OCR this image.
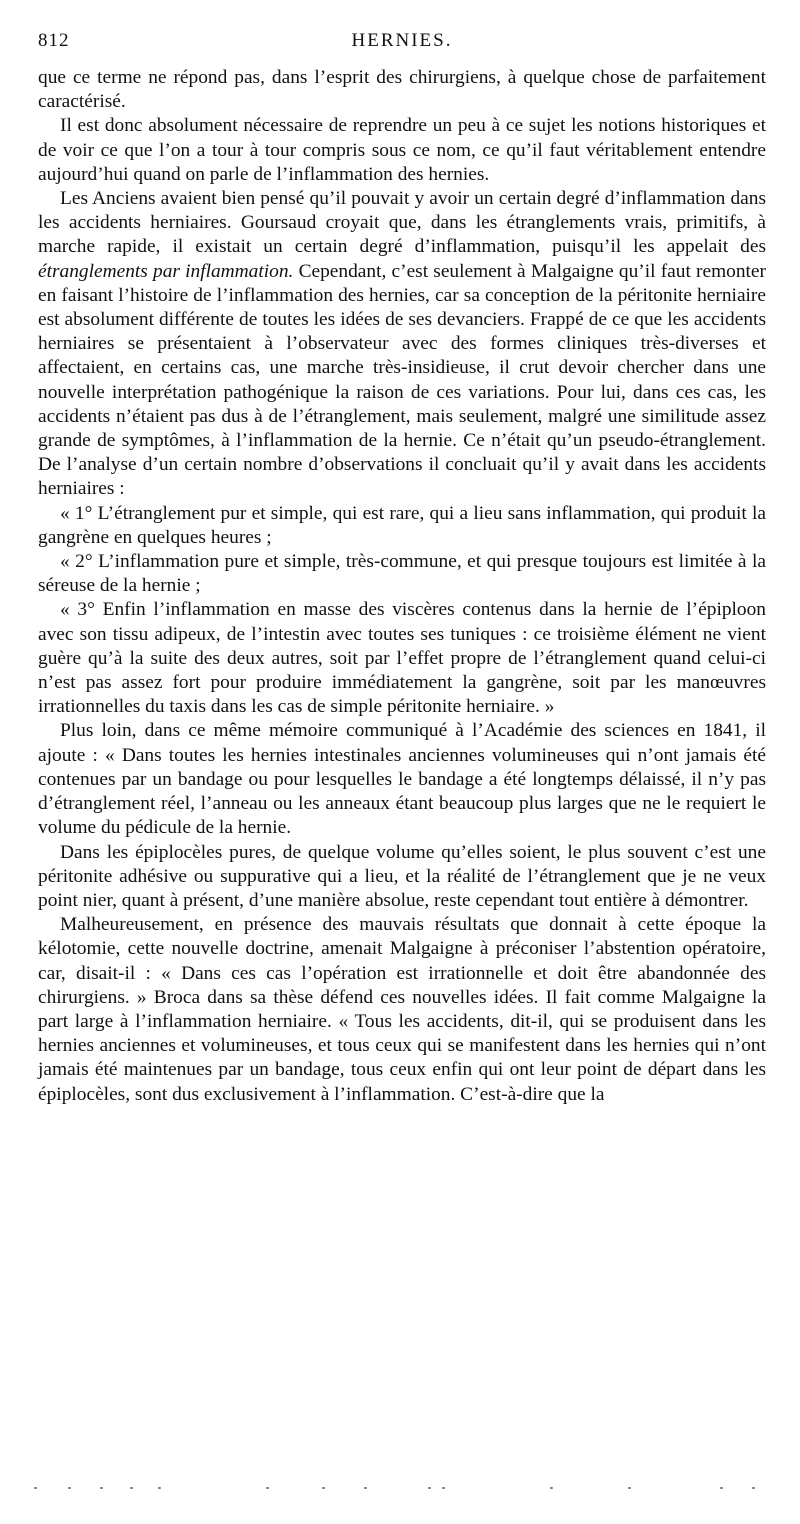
812	HERNIES.

que ce terme ne répond pas, dans l’esprit des chirurgiens, à quelque chose de parfaitement caractérisé.

Il est donc absolument nécessaire de reprendre un peu à ce sujet les notions historiques et de voir ce que l’on a tour à tour compris sous ce nom, ce qu’il faut véritablement entendre aujourd’hui quand on parle de l’inflammation des hernies.

Les Anciens avaient bien pensé qu’il pouvait y avoir un certain degré d’inflammation dans les accidents herniaires. Goursaud croyait que, dans les étranglements vrais, primitifs, à marche rapide, il existait un certain degré d’inflammation, puisqu’il les appelait des étranglements par inflammation. Cependant, c’est seulement à Malgaigne qu’il faut remonter en faisant l’histoire de l’inflammation des hernies, car sa conception de la péritonite herniaire est absolument différente de toutes les idées de ses devanciers. Frappé de ce que les accidents herniaires se présentaient à l’observateur avec des formes cliniques très-diverses et affectaient, en certains cas, une marche très-insidieuse, il crut devoir chercher dans une nouvelle interprétation pathogénique la raison de ces variations. Pour lui, dans ces cas, les accidents n’étaient pas dus à de l’étranglement, mais seulement, malgré une similitude assez grande de symptômes, à l’inflammation de la hernie. Ce n’était qu’un pseudo-étranglement. De l’analyse d’un certain nombre d’observations il concluait qu’il y avait dans les accidents herniaires :

« 1° L’étranglement pur et simple, qui est rare, qui a lieu sans inflammation, qui produit la gangrène en quelques heures ;

« 2° L’inflammation pure et simple, très-commune, et qui presque toujours est limitée à la séreuse de la hernie ;

« 3° Enfin l’inflammation en masse des viscères contenus dans la hernie de l’épiploon avec son tissu adipeux, de l’intestin avec toutes ses tuniques : ce troisième élément ne vient guère qu’à la suite des deux autres, soit par l’effet propre de l’étranglement quand celui-ci n’est pas assez fort pour produire immédiatement la gangrène, soit par les manœuvres irrationnelles du taxis dans les cas de simple péritonite herniaire. »

Plus loin, dans ce même mémoire communiqué à l’Académie des sciences en 1841, il ajoute : « Dans toutes les hernies intestinales anciennes volumineuses qui n’ont jamais été contenues par un bandage ou pour lesquelles le bandage a été longtemps délaissé, il n’y pas d’étranglement réel, l’anneau ou les anneaux étant beaucoup plus larges que ne le requiert le volume du pédicule de la hernie.

Dans les épiplocèles pures, de quelque volume qu’elles soient, le plus souvent c’est une péritonite adhésive ou suppurative qui a lieu, et la réalité de l’étranglement que je ne veux point nier, quant à présent, d’une manière absolue, reste cependant tout entière à démontrer.

Malheureusement, en présence des mauvais résultats que donnait à cette époque la kélotomie, cette nouvelle doctrine, amenait Malgaigne à préconiser l’abstention opératoire, car, disait-il : « Dans ces cas l’opération est irrationnelle et doit être abandonnée des chirurgiens. » Broca dans sa thèse défend ces nouvelles idées. Il fait comme Malgaigne la part large à l’inflammation herniaire. « Tous les accidents, dit-il, qui se produisent dans les hernies anciennes et volumineuses, et tous ceux qui se manifestent dans les hernies qui n’ont jamais été maintenues par un bandage, tous ceux enfin qui ont leur point de départ dans les épiplocèles, sont dus exclusivement à l’inflammation. C’est-à-dire que la
